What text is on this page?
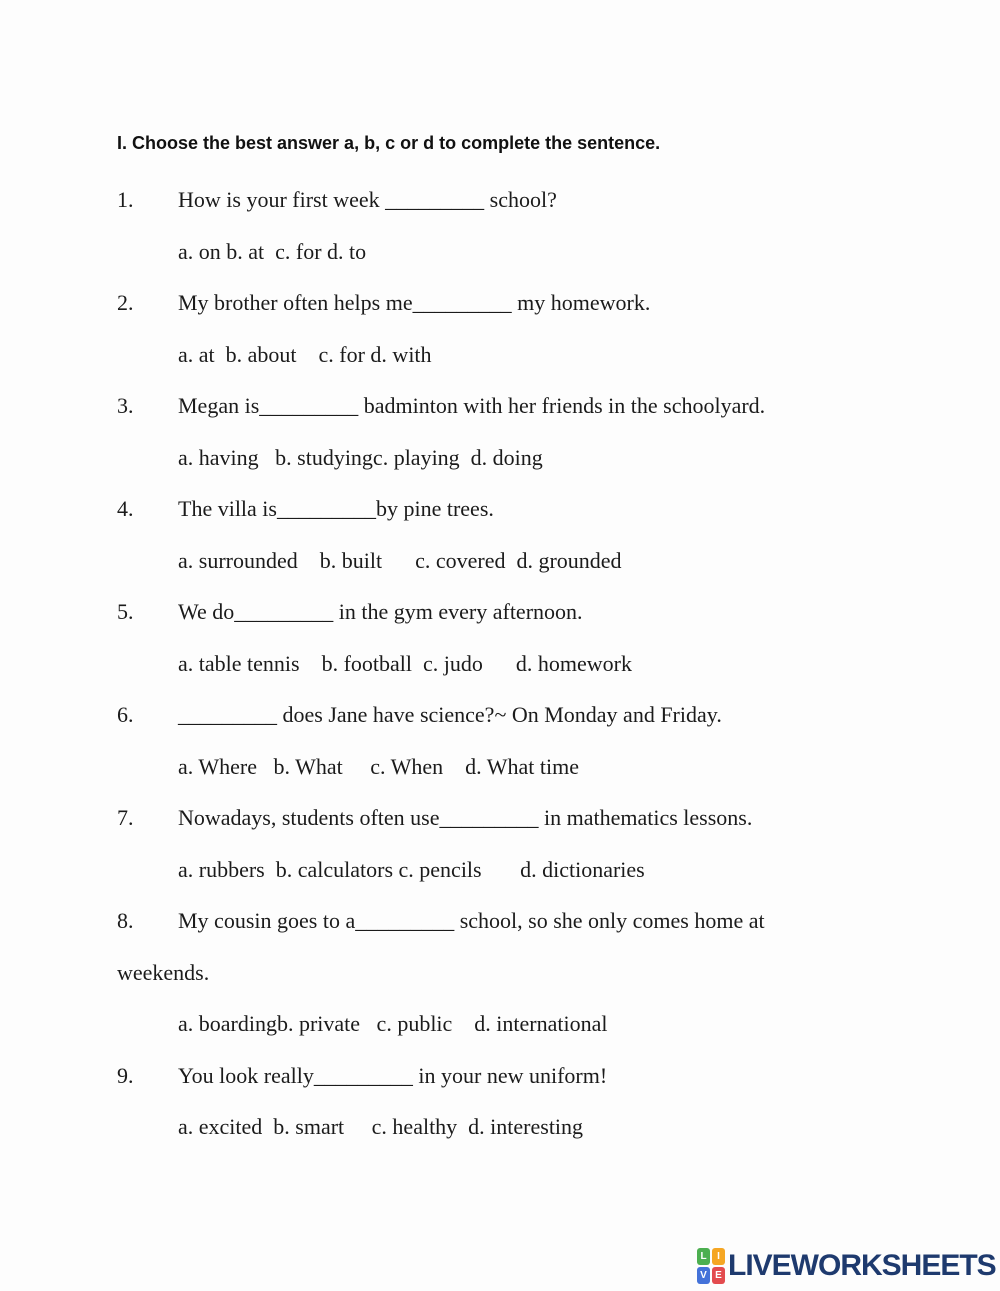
I. Choose the best answer a, b, c or d to complete the sentence.

1. How is your first week _________ school?

a. on b. at  c. for d. to

2. My brother often helps me_________ my homework.

a. at  b. about    c. for d. with

3. Megan is_________ badminton with her friends in the schoolyard.

a. having   b. studyingc. playing  d. doing

4. The villa is_________by pine trees.

a. surrounded    b. built      c. covered  d. grounded

5. We do_________ in the gym every afternoon.

a. table tennis    b. football  c. judo      d. homework

6. _________ does Jane have science?~ On Monday and Friday.

a. Where   b. What     c. When    d. What time

7. Nowadays, students often use_________ in mathematics lessons.

a. rubbers  b. calculators c. pencils       d. dictionaries

8. My cousin goes to a_________ school, so she only comes home at

weekends.

a. boardingb. private   c. public    d. international

9. You look really_________ in your new uniform!

a. excited  b. smart     c. healthy  d. interesting

L	I
V E LIVEWORKSHEETS
